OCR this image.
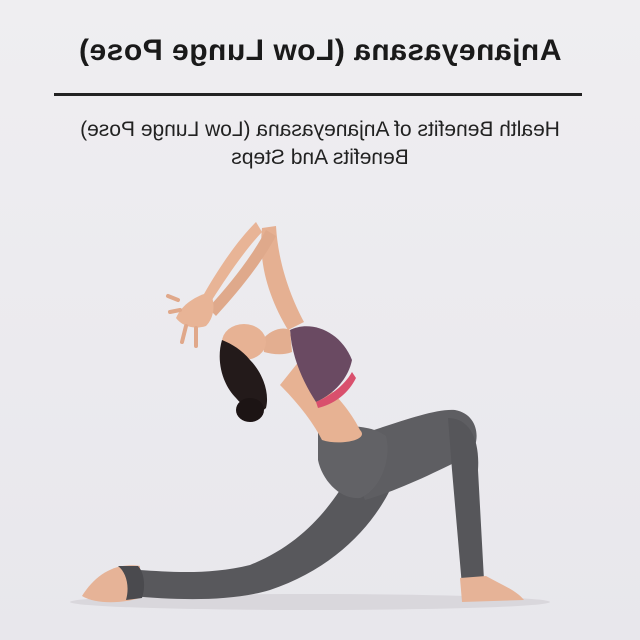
Anjaneyasana (Low Lunge Pose)
Health Benefits of Anjaneyasana (Low Lunge Pose) Benefits And Steps
